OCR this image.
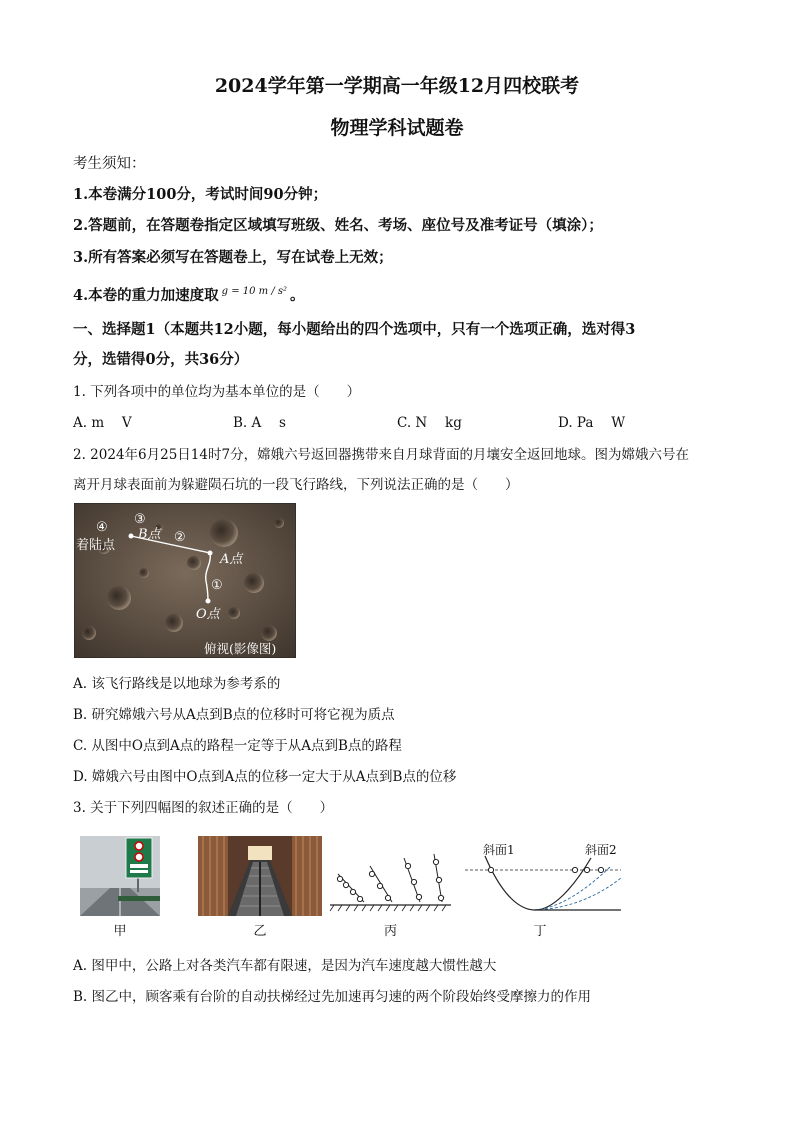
2024学年第一学期高一年级12月四校联考
物理学科试题卷
考生须知：
1.本卷满分100分，考试时间90分钟；
2.答题前，在答题卷指定区域填写班级、姓名、考场、座位号及准考证号（填涂）；
3.所有答案必须写在答题卷上，写在试卷上无效；
4.本卷的重力加速度取 $^{g = 10 m / s^2}$ 。
一、选择题1（本题共12小题，每小题给出的四个选项中，只有一个选项正确，选对得3
分，选错得0分，共36分）
1. 下列各项中的单位均为基本单位的是（　　）
A. m　 V	B. A　 s	C. N　 kg	D. Pa　 W
2. 2024年6月25日14时7分，嫦娥六号返回器携带来自月球背面的月壤安全返回地球。图为嫦娥六号在
离开月球表面前为躲避陨石坑的一段飞行路线，下列说法正确的是（　　）
④
着陆点
③
B点 ②
A点
①
O点
俯视(影像图)
A. 该飞行路线是以地球为参考系的
B. 研究嫦娥六号从A点到B点的位移时可将它视为质点
C. 从图中O点到A点的路程一定等于从A点到B点的路程
D. 嫦娥六号由图中O点到A点的位移一定大于从A点到B点的位移
3. 关于下列四幅图的叙述正确的是（　　）
甲	乙	丙
斜面1	斜面2
丁
A. 图甲中，公路上对各类汽车都有限速，是因为汽车速度越大惯性越大
B. 图乙中，顾客乘有台阶的自动扶梯经过先加速再匀速的两个阶段始终受摩擦力的作用
